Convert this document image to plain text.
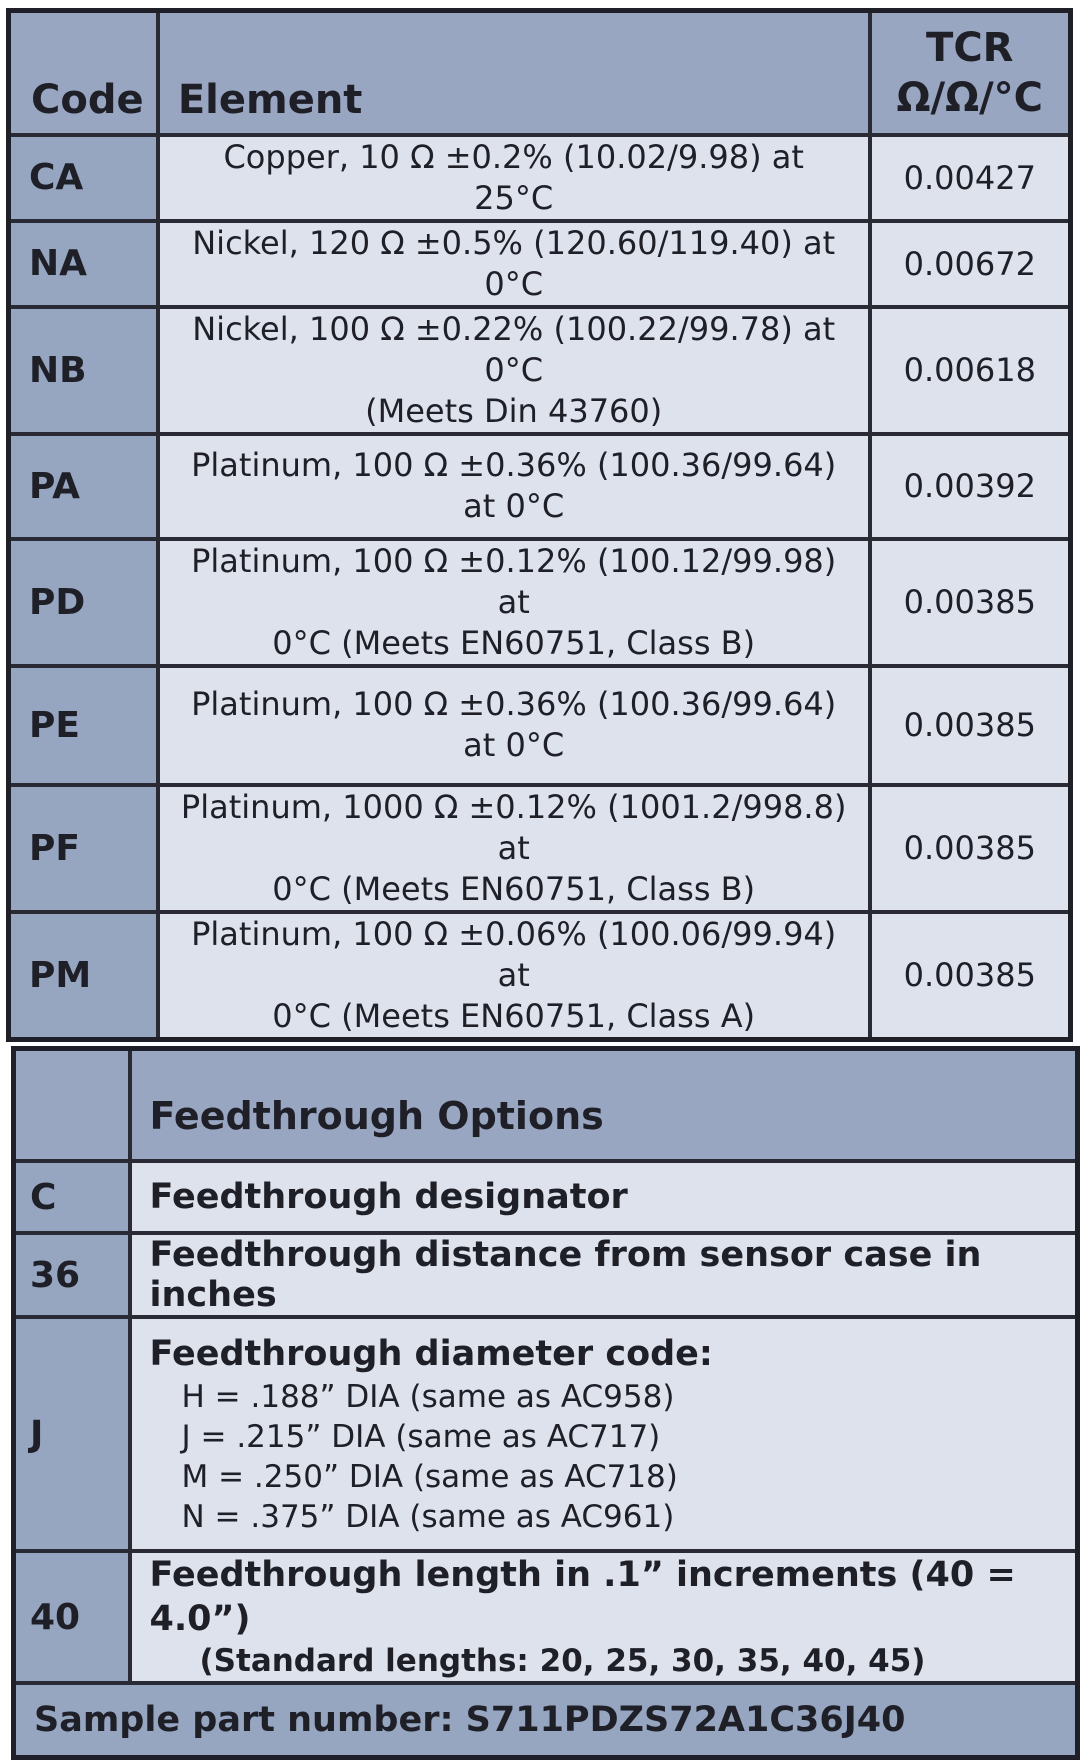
Code	Element	TCR
Ω/Ω/°C

CA	Copper, 10 Ω ±0.2% (10.02/9.98) at 25°C	0.00427
NA	Nickel, 120 Ω ±0.5% (120.60/119.40) at 0°C	0.00672
NB	Nickel, 100 Ω ±0.22% (100.22/99.78) at 0°C
(Meets Din 43760)	0.00618
PA	Platinum, 100 Ω ±0.36% (100.36/99.64)
at 0°C	0.00392
PD	Platinum, 100 Ω ±0.12% (100.12/99.98) at
0°C (Meets EN60751, Class B)	0.00385
PE	Platinum, 100 Ω ±0.36% (100.36/99.64)
at 0°C	0.00385
PF	Platinum, 1000 Ω ±0.12% (1001.2/998.8) at
0°C (Meets EN60751, Class B)	0.00385
PM	Platinum, 100 Ω ±0.06% (100.06/99.94) at
0°C (Meets EN60751, Class A)	0.00385
	Feedthrough Options
C	Feedthrough designator
36	Feedthrough distance from sensor case in inches
J	Feedthrough diameter code:
H = .188” DIA (same as AC958)
J = .215” DIA (same as AC717)
M = .250” DIA (same as AC718)
N = .375” DIA (same as AC961)

40	Feedthrough length in .1” increments (40 = 4.0”)
(Standard lengths: 20, 25, 30, 35, 40, 45)

Sample part number: S711PDZS72A1C36J40	
